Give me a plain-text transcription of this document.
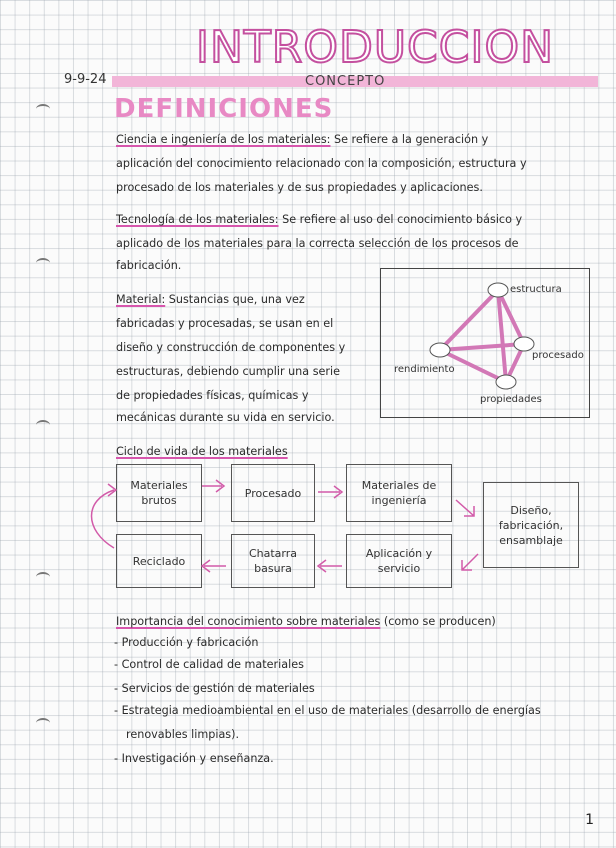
INTRODUCCION
CONCEPTO
9-9-24
DEFINICIONES
Ciencia e ingeniería de los materiales: Se refiere a la generación y
aplicación del conocimiento relacionado con la composición, estructura y
procesado de los materiales y de sus propiedades y aplicaciones.
Tecnología de los materiales: Se refiere al uso del conocimiento básico y
aplicado de los materiales para la correcta selección de los procesos de
fabricación.
Material: Sustancias que, una vez
fabricadas y procesadas, se usan en el
diseño y construcción de componentes y
estructuras, debiendo cumplir una serie
de propiedades físicas, químicas y
mecánicas durante su vida en servicio.
estructura
procesado
rendimiento
propiedades
Ciclo de vida de los materiales
Materiales brutos
Procesado
Materiales de ingeniería
Diseño, fabricación, ensamblaje
Aplicación y servicio
Chatarra basura
Reciclado
Importancia del conocimiento sobre materiales (como se producen)
- Producción y fabricación
- Control de calidad de materiales
- Servicios de gestión de materiales
- Estrategia medioambiental en el uso de materiales (desarrollo de energías
renovables limpias).
- Investigación y enseñanza.
1
